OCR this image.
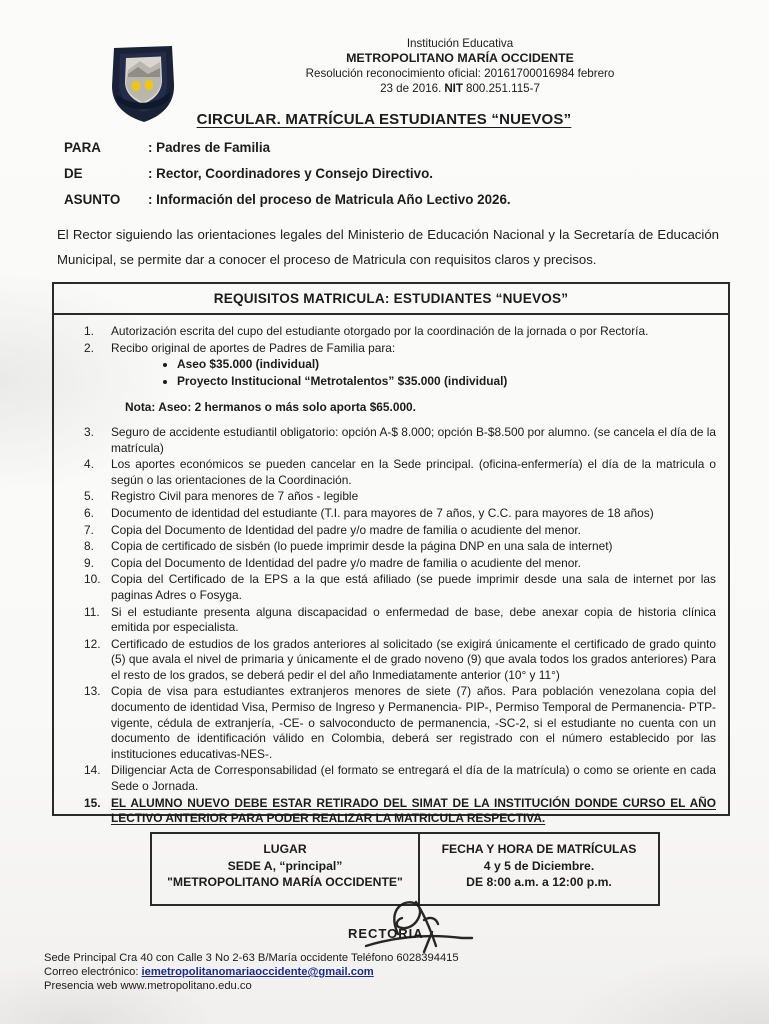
Institución Educativa
METROPOLITANO MARÍA OCCIDENTE
Resolución reconocimiento oficial: 20161700016984 febrero
23 de 2016. NIT 800.251.115-7
CIRCULAR. MATRÍCULA ESTUDIANTES “NUEVOS”
PARA	: Padres de Familia
DE	: Rector, Coordinadores y Consejo Directivo.
ASUNTO	: Información del proceso de Matricula Año Lectivo 2026.
El Rector siguiendo las orientaciones legales del Ministerio de Educación Nacional y la Secretaría de Educación Municipal, se permite dar a conocer el proceso de Matricula con requisitos claros y precisos.
REQUISITOS MATRICULA: ESTUDIANTES “NUEVOS”
1.	Autorización escrita del cupo del estudiante otorgado por la coordinación de la jornada o por Rectoría.
2.	Recibo original de aportes de Padres de Familia para:
• Aseo $35.000 (individual)
• Proyecto Institucional “Metrotalentos” $35.000 (individual)
Nota: Aseo: 2 hermanos o más solo aporta $65.000.
3.	Seguro de accidente estudiantil obligatorio: opción A-$ 8.000; opción B-$8.500 por alumno. (se cancela el día de la matrícula)
4.	Los aportes económicos se pueden cancelar en la Sede principal. (oficina-enfermería) el día de la matricula o según o las orientaciones de la Coordinación.
5.	Registro Civil para menores de 7 años - legible
6.	Documento de identidad del estudiante (T.I. para mayores de 7 años, y C.C. para mayores de 18 años)
7.	Copia del Documento de Identidad del padre y/o madre de familia o acudiente del menor.
8.	Copia de certificado de sisbén (lo puede imprimir desde la página DNP en una sala de internet)
9.	Copia del Documento de Identidad del padre y/o madre de familia o acudiente del menor.
10. Copia del Certificado de la EPS a la que está afiliado (se puede imprimir desde una sala de internet por las paginas Adres o Fosyga.
11. Si el estudiante presenta alguna discapacidad o enfermedad de base, debe anexar copia de historia clínica emitida por especialista.
12. Certificado de estudios de los grados anteriores al solicitado (se exigirá únicamente el certificado de grado quinto (5) que avala el nivel de primaria y únicamente el de grado noveno (9) que avala todos los grados anteriores) Para el resto de los grados, se deberá pedir el del año Inmediatamente anterior (10° y 11°)
13. Copia de visa para estudiantes extranjeros menores de siete (7) años. Para población venezolana copia del documento de identidad Visa, Permiso de Ingreso y Permanencia- PIP-, Permiso Temporal de Permanencia- PTP- vigente, cédula de extranjería, -CE- o salvoconducto de permanencia, -SC-2, si el estudiante no cuenta con un documento de identificación válido en Colombia, deberá ser registrado con el número establecido por las instituciones educativas-NES-.
14. Diligenciar Acta de Corresponsabilidad (el formato se entregará el día de la matrícula) o como se oriente en cada Sede o Jornada.
15. EL ALUMNO NUEVO DEBE ESTAR RETIRADO DEL SIMAT DE LA INSTITUCIÓN DONDE CURSO EL AÑO LECTIVO ANTERIOR PARA PODER REALIZAR LA MATRICULA RESPECTIVA.
LUGAR
SEDE A, “principal”
"METROPOLITANO MARÍA OCCIDENTE"
FECHA Y HORA DE MATRÍCULAS
4 y 5 de Diciembre.
DE 8:00 a.m. a 12:00 p.m.
RECTORIA
Sede Principal Cra 40 con Calle 3 No 2-63 B/María occidente Teléfono 6028394415
Correo electrónico: iemetropolitanomariaoccidente@gmail.com
Presencia web www.metropolitano.edu.co
